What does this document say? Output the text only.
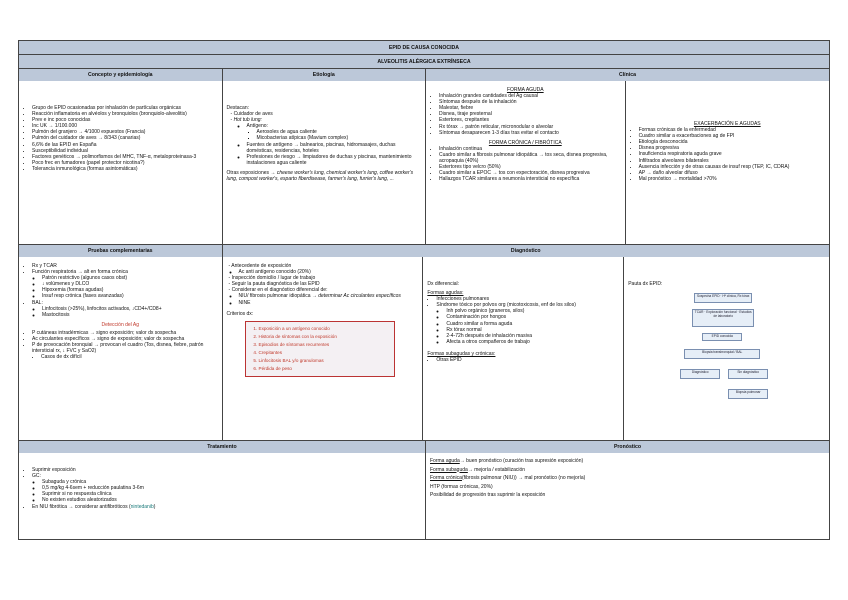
EPID DE CAUSA CONOCIDA
ALVEOLITIS ALÉRGICA EXTRÍNSECA
Concepto y epidemiología
• Grupo de EPID ocasionadas por inhalación de partículas orgánicas
• Reacción inflamatoria en alvéolos y bronquiolos (bronquiolo-alveolitis)
• Prev e inc poco conocidas
• Inc UK → 1/100.000
• Pulmón del granjero → 4/1000 expuestos (Francia)
• Pulmón del cuidador de aves → 8/343 (canarias)
• 6,6% de las EPID en España
• Susceptibilidad individual
• Factores genéticos → polimorfismos del MHC, TNF-α, metaloproteinasa-3
• Poco frec en fumadores (papel protector nicotina?)
• Tolerancia inmunológica (formas asintomáticas)
Etiología
Destacan:
- Cuidador de aves
- Hot tub lung:
◦ Antígeno:
▪ Aerosoles de agua caliente
▪ Micobacterias atípicas (Mavium complex)
◦ Fuentes de antígeno → balnearios, piscinas, hidromasajes, duchas domésticas, residencias, hoteles
◦ Profesiones de riesgo → limpiadores de duchas y piscinas, mantenimiento instalaciones agua caliente
Otras exposiciones → cheese worker's lung, chemical worker's lung, coffee worker's lung, compost worker's, esparto fiberdisease, farmer's lung, furrier's lung, ...
Clínica
FORMA AGUDA
• Inhalación grandes cantidades del Ag causal
• Síntomas después de la inhalación
• Malestar, fiebre
• Disnea, tiraje presternal
• Estertores, crepitantes
• Rx tórax → patrón reticular, micronodular o alveolar
• Síntomas desaparecen 1-3 días tras evitar el contacto
FORMA CRÓNICA / FIBRÓTICA
• Inhalación continua
• Cuadro similar a fibrosis pulmonar idiopática → tos seca, disnea progresiva, acropaquia (40%)
• Estertores tipo velcro (50%)
• Cuadro similar a EPOC → tos con expectoración, disnea progresiva
• Hallazgos TCAR similares a neumonía intersticial no específica
EXACERBACIÓN E AGUDAS
• Formas crónicas de la enfermedad
• Cuadro similar a exacerbaciones ag de FPI
• Etiología desconocida
• Disnea progresiva
• Insuficiencia respiratoria aguda grave
• Infiltrados alveolares bilaterales
• Ausencia infección y de otras causas de insuf resp (TEP, IC, CDRA)
• AP → daño alveolar difuso
• Mal pronóstico → mortalidad >70%
Pruebas complementarias
• Rx y TCAR
• Función respiratoria → alt en forma crónica
◦ Patrón restrictivo (algunos casos obst)
◦ ↓ volúmenes y DLCO
◦ Hipoxemia (formas agudas)
◦ Insuf resp crónica (fases avanzadas)
• BAL:
◦ Linfocitosis (>25%), linfocitos activados, ↓CD4+/CD8+
◦ Mastocitosis
Detección del Ag
• P cutáneas intradérmicas → signo exposición; valor dx sospecha
• Ac circulantes específicos → signo de exposición; valor dx sospecha
• P de provocación bronquial → provocan el cuadro (Tos, disnea, fiebre, patrón intersticial rx, ↓ FVC y SaO2)
• Casos de dx difícil
Diagnóstico
- Antecedente de exposición
◦ Ac anti antígeno conocido (20%)
- Inspección domicilio / lugar de trabajo
- Seguir la pauta diagnóstica de las EPID
- Considerar en el diagnóstico diferencial de:
◦ NIU/ fibrosis pulmonar idiopática → determinar Ac circulantes específicos
◦ NINE
Criterios dx:
1. Exposición a un antígeno conocido
2. Historia de síntomas con la exposición
3. Episodios de síntomas recurrentes
4. Crepitantes
5. Linfocitosis BAL y/o granulomas
6. Pérdida de peso
Dx diferencial:
Formas agudas:
• Infecciones pulmonares
• Síndrome tóxico por polvos org (micotoxicosis, enf de los silos)
◦ Inh polvo orgánico (graneros, silos)
◦ Contaminación por hongos
◦ Cuadro similar a forma aguda
◦ Rx tórax normal
◦ 2-4-72h después de inhalación masiva
◦ Afecta a otros compañeros de trabajo
Formas subagudas y crónicas:
• Otras EPID
Pauta dx EPID:
Sospecha EPID · Hª clínica, Rx tórax
TCAR · Exploración funcional · Estudios de laboratorio
EPID conocida
Biopsia transbronquial / BAL
Diagnóstico	Sin diagnóstico
Biopsia pulmonar
Tratamiento
• Suprimir exposición
• GC:
◦ Subaguda y crónica
◦ 0,5 mg/kg 4-6sem + reducción paulatina 3-6m
◦ Suprimir si no respuesta clínica
◦ No existen estudios aleatorizados
• En NIU fibrótica → considerar antifibróticos (nintedanib)
Pronóstico
Forma aguda→ buen pronóstico (curación tras supresión exposición)
Forma subaguda→ mejoría / estabilización
Forma crónica(fibrosis pulmonar (NIU)) → mal pronóstico (no mejoría)
HTP (formas crónicas, 20%)
Posibilidad de progresión tras suprimir la exposición
